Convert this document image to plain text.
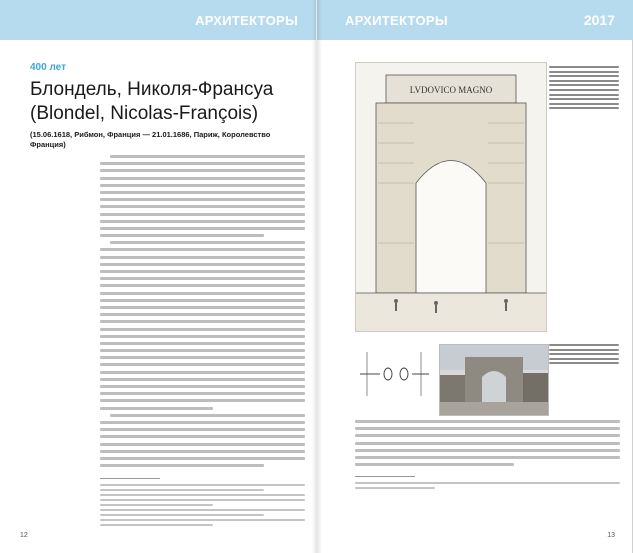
АРХИТЕКТОРЫ
400 лет
Блондель, Николя-Франсуа
(Blondel, Nicolas-François)
(15.06.1618, Рибмон, Франция — 21.01.1686, Париж, Королевство Франция)
12
АРХИТЕКТОРЫ	2017
LVDOVICO MAGNO
13
